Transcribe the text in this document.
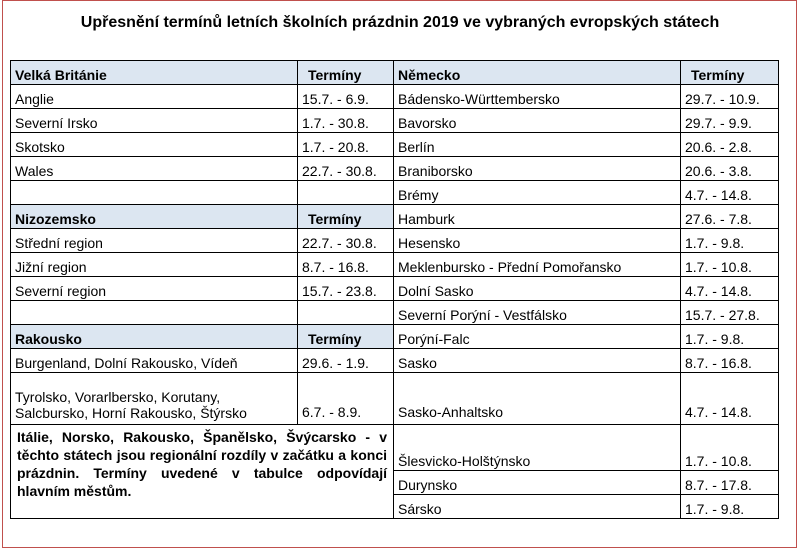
Upřesnění termínů letních školních prázdnin 2019 ve vybraných evropských státech
Velká Británie	Termíny	Německo	Termíny
Anglie	15.7. - 6.9.	Bádensko-Württembersko	29.7. - 10.9.
Severní Irsko	1.7. - 30.8.	Bavorsko	29.7. - 9.9.
Skotsko	1.7. - 20.8.	Berlín	20.6. - 2.8.
Wales	22.7. - 30.8.	Braniborsko	20.6. - 3.8.
		Brémy	4.7. - 14.8.
Nizozemsko	Termíny	Hamburk	27.6. - 7.8.
Střední region	22.7. - 30.8.	Hesensko	1.7. - 9.8.
Jižní region	8.7. - 16.8.	Meklenbursko - Přední Pomořansko	1.7. - 10.8.
Severní region	15.7. - 23.8.	Dolní Sasko	4.7. - 14.8.
		Severní Porýní - Vestfálsko	15.7. - 27.8.
Rakousko	Termíny	Porýní-Falc	1.7. - 9.8.
Burgenland, Dolní Rakousko, Vídeň	29.6. - 1.9.	Sasko	8.7. - 16.8.
Tyrolsko, Vorarlbersko, Korutany, Salcbursko, Horní Rakousko, Štýrsko	6.7. - 8.9.	Sasko-Anhaltsko	4.7. - 14.8.
Itálie, Norsko, Rakousko, Španělsko, Švýcarsko - v těchto státech jsou regionální rozdíly v začátku a konci prázdnin. Termíny uvedené v tabulce odpovídají hlavním městům.		Šlesvicko-Holštýnsko	1.7. - 10.8.
		Durynsko	8.7. - 17.8.
		Sársko	1.7. - 9.8.
